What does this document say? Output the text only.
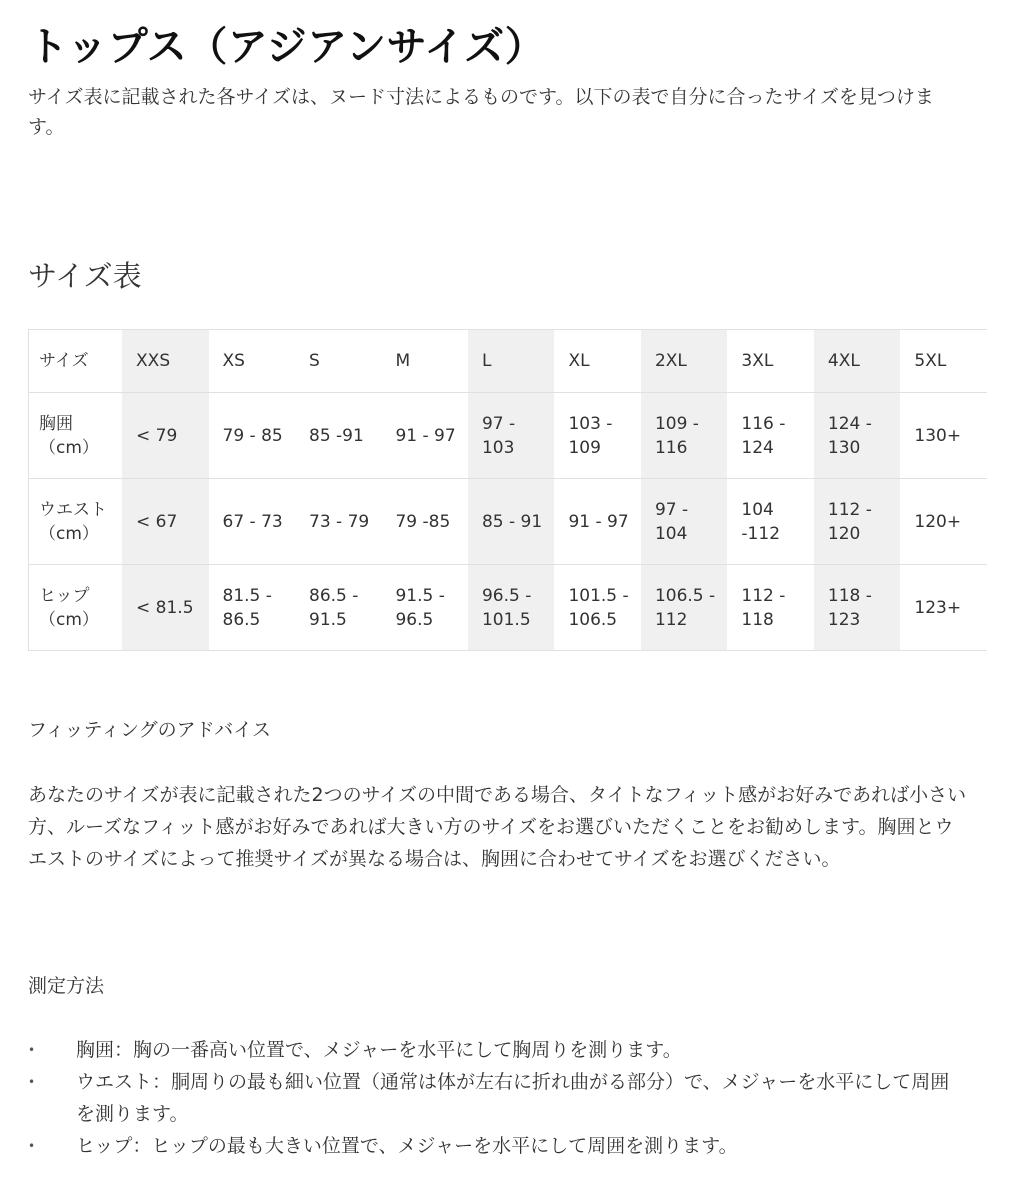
トップス（アジアンサイズ）

サイズ表に記載された各サイズは、ヌード寸法によるものです。以下の表で自分に合ったサイズを見つけます。

サイズ表
サイズ	XXS	XS	S	M	L	XL	2XL	3XL	4XL	5XL

胸囲
（cm）	< 79	79 - 85	85 -91	91 - 97	97 - 103	103 - 109	109 - 116	116 - 124	124 - 130	130+

ウエスト
（cm）	< 67	67 - 73	73 - 79	79 -85	85 - 91	91 - 97	97 - 104	104 -112	112 - 120	120+

ヒップ
（cm）	< 81.5	81.5 - 86.5	86.5 - 91.5	91.5 - 96.5	96.5 - 101.5	101.5 - 106.5	106.5 - 112	112 - 118	118 - 123	123+
フィッティングのアドバイス

あなたのサイズが表に記載された2つのサイズの中間である場合、タイトなフィット感がお好みであれば小さい方、ルーズなフィット感がお好みであれば大きい方のサイズをお選びいただくことをお勧めします。胸囲とウエストのサイズによって推奨サイズが異なる場合は、胸囲に合わせてサイズをお選びください。

測定方法
• 胸囲：胸の一番高い位置で、メジャーを水平にして胸周りを測ります。
• ウエスト：胴周りの最も細い位置（通常は体が左右に折れ曲がる部分）で、メジャーを水平にして周囲を測ります。
• ヒップ：ヒップの最も大きい位置で、メジャーを水平にして周囲を測ります。
